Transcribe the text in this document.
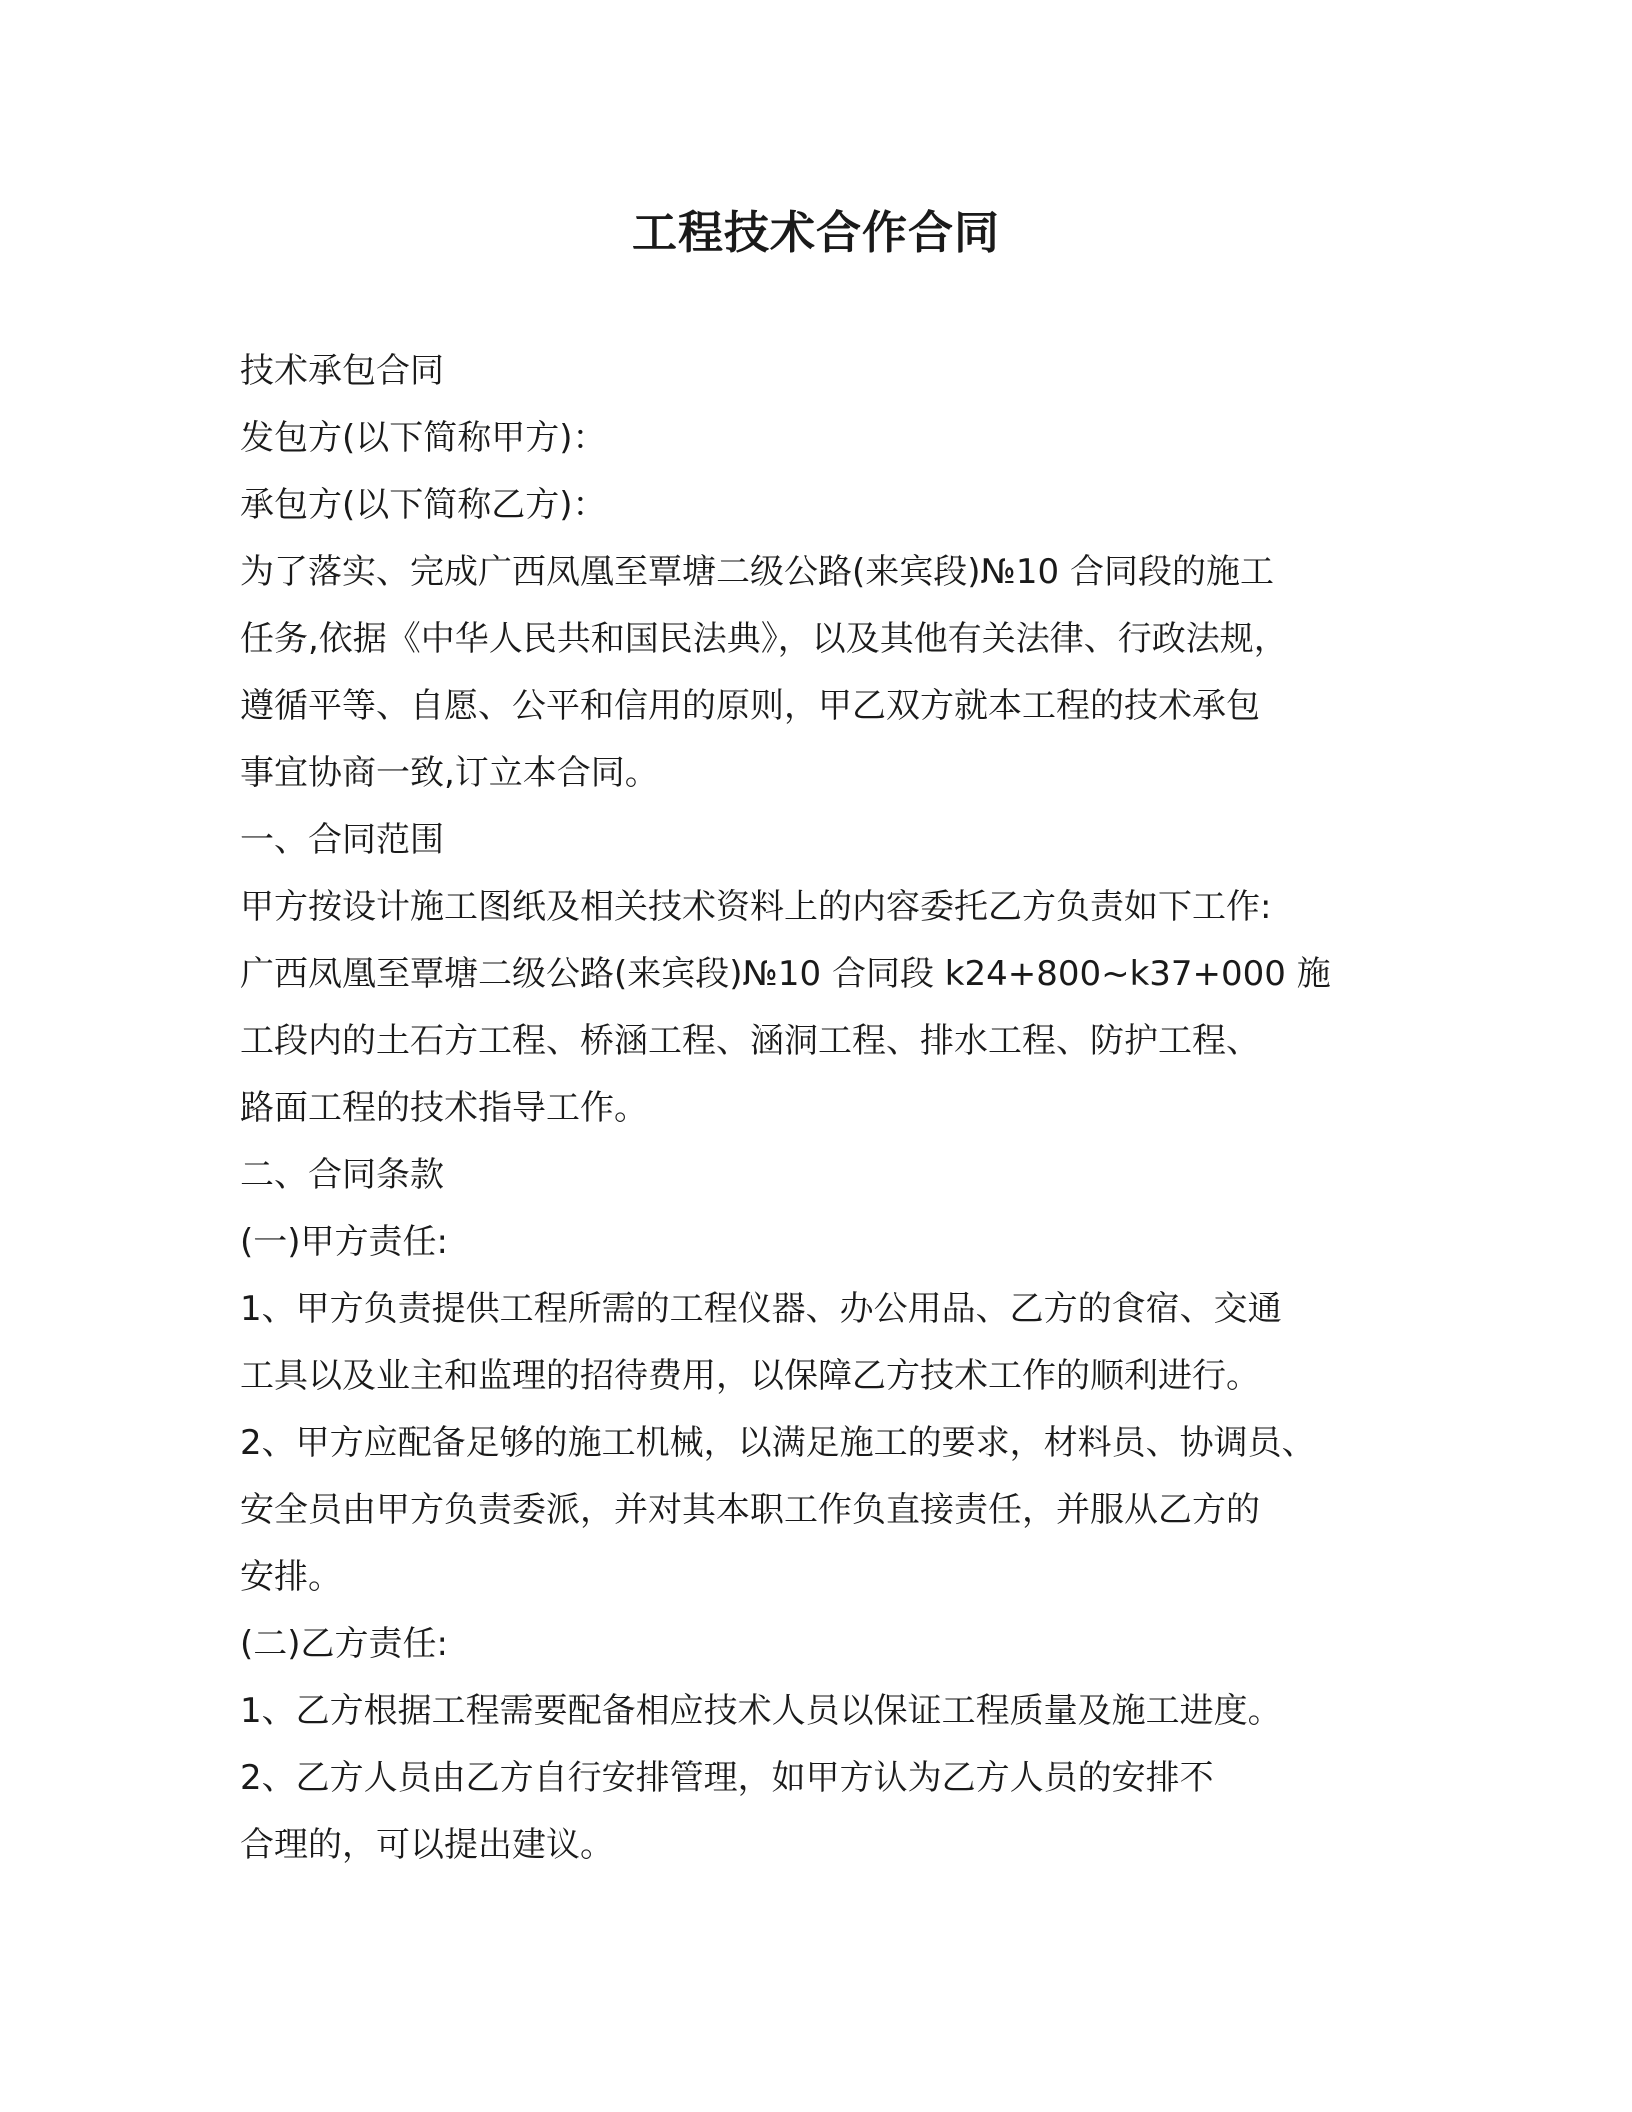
工程技术合作合同
技术承包合同
发包方(以下简称甲方)：
承包方(以下简称乙方)：
为了落实、完成广西凤凰至覃塘二级公路(来宾段)№10 合同段的施工
任务,依据《中华人民共和国民法典》，以及其他有关法律、行政法规，
遵循平等、自愿、公平和信用的原则，甲乙双方就本工程的技术承包
事宜协商一致,订立本合同。
一、合同范围
甲方按设计施工图纸及相关技术资料上的内容委托乙方负责如下工作:
广西凤凰至覃塘二级公路(来宾段)№10 合同段 k24+800~k37+000 施
工段内的土石方工程、桥涵工程、涵洞工程、排水工程、防护工程、
路面工程的技术指导工作。
二、合同条款
(一)甲方责任:
1、甲方负责提供工程所需的工程仪器、办公用品、乙方的食宿、交通
工具以及业主和监理的招待费用，以保障乙方技术工作的顺利进行。
2、甲方应配备足够的施工机械，以满足施工的要求，材料员、协调员、
安全员由甲方负责委派，并对其本职工作负直接责任，并服从乙方的
安排。
(二)乙方责任:
1、乙方根据工程需要配备相应技术人员以保证工程质量及施工进度。
2、乙方人员由乙方自行安排管理，如甲方认为乙方人员的安排不
合理的，可以提出建议。
